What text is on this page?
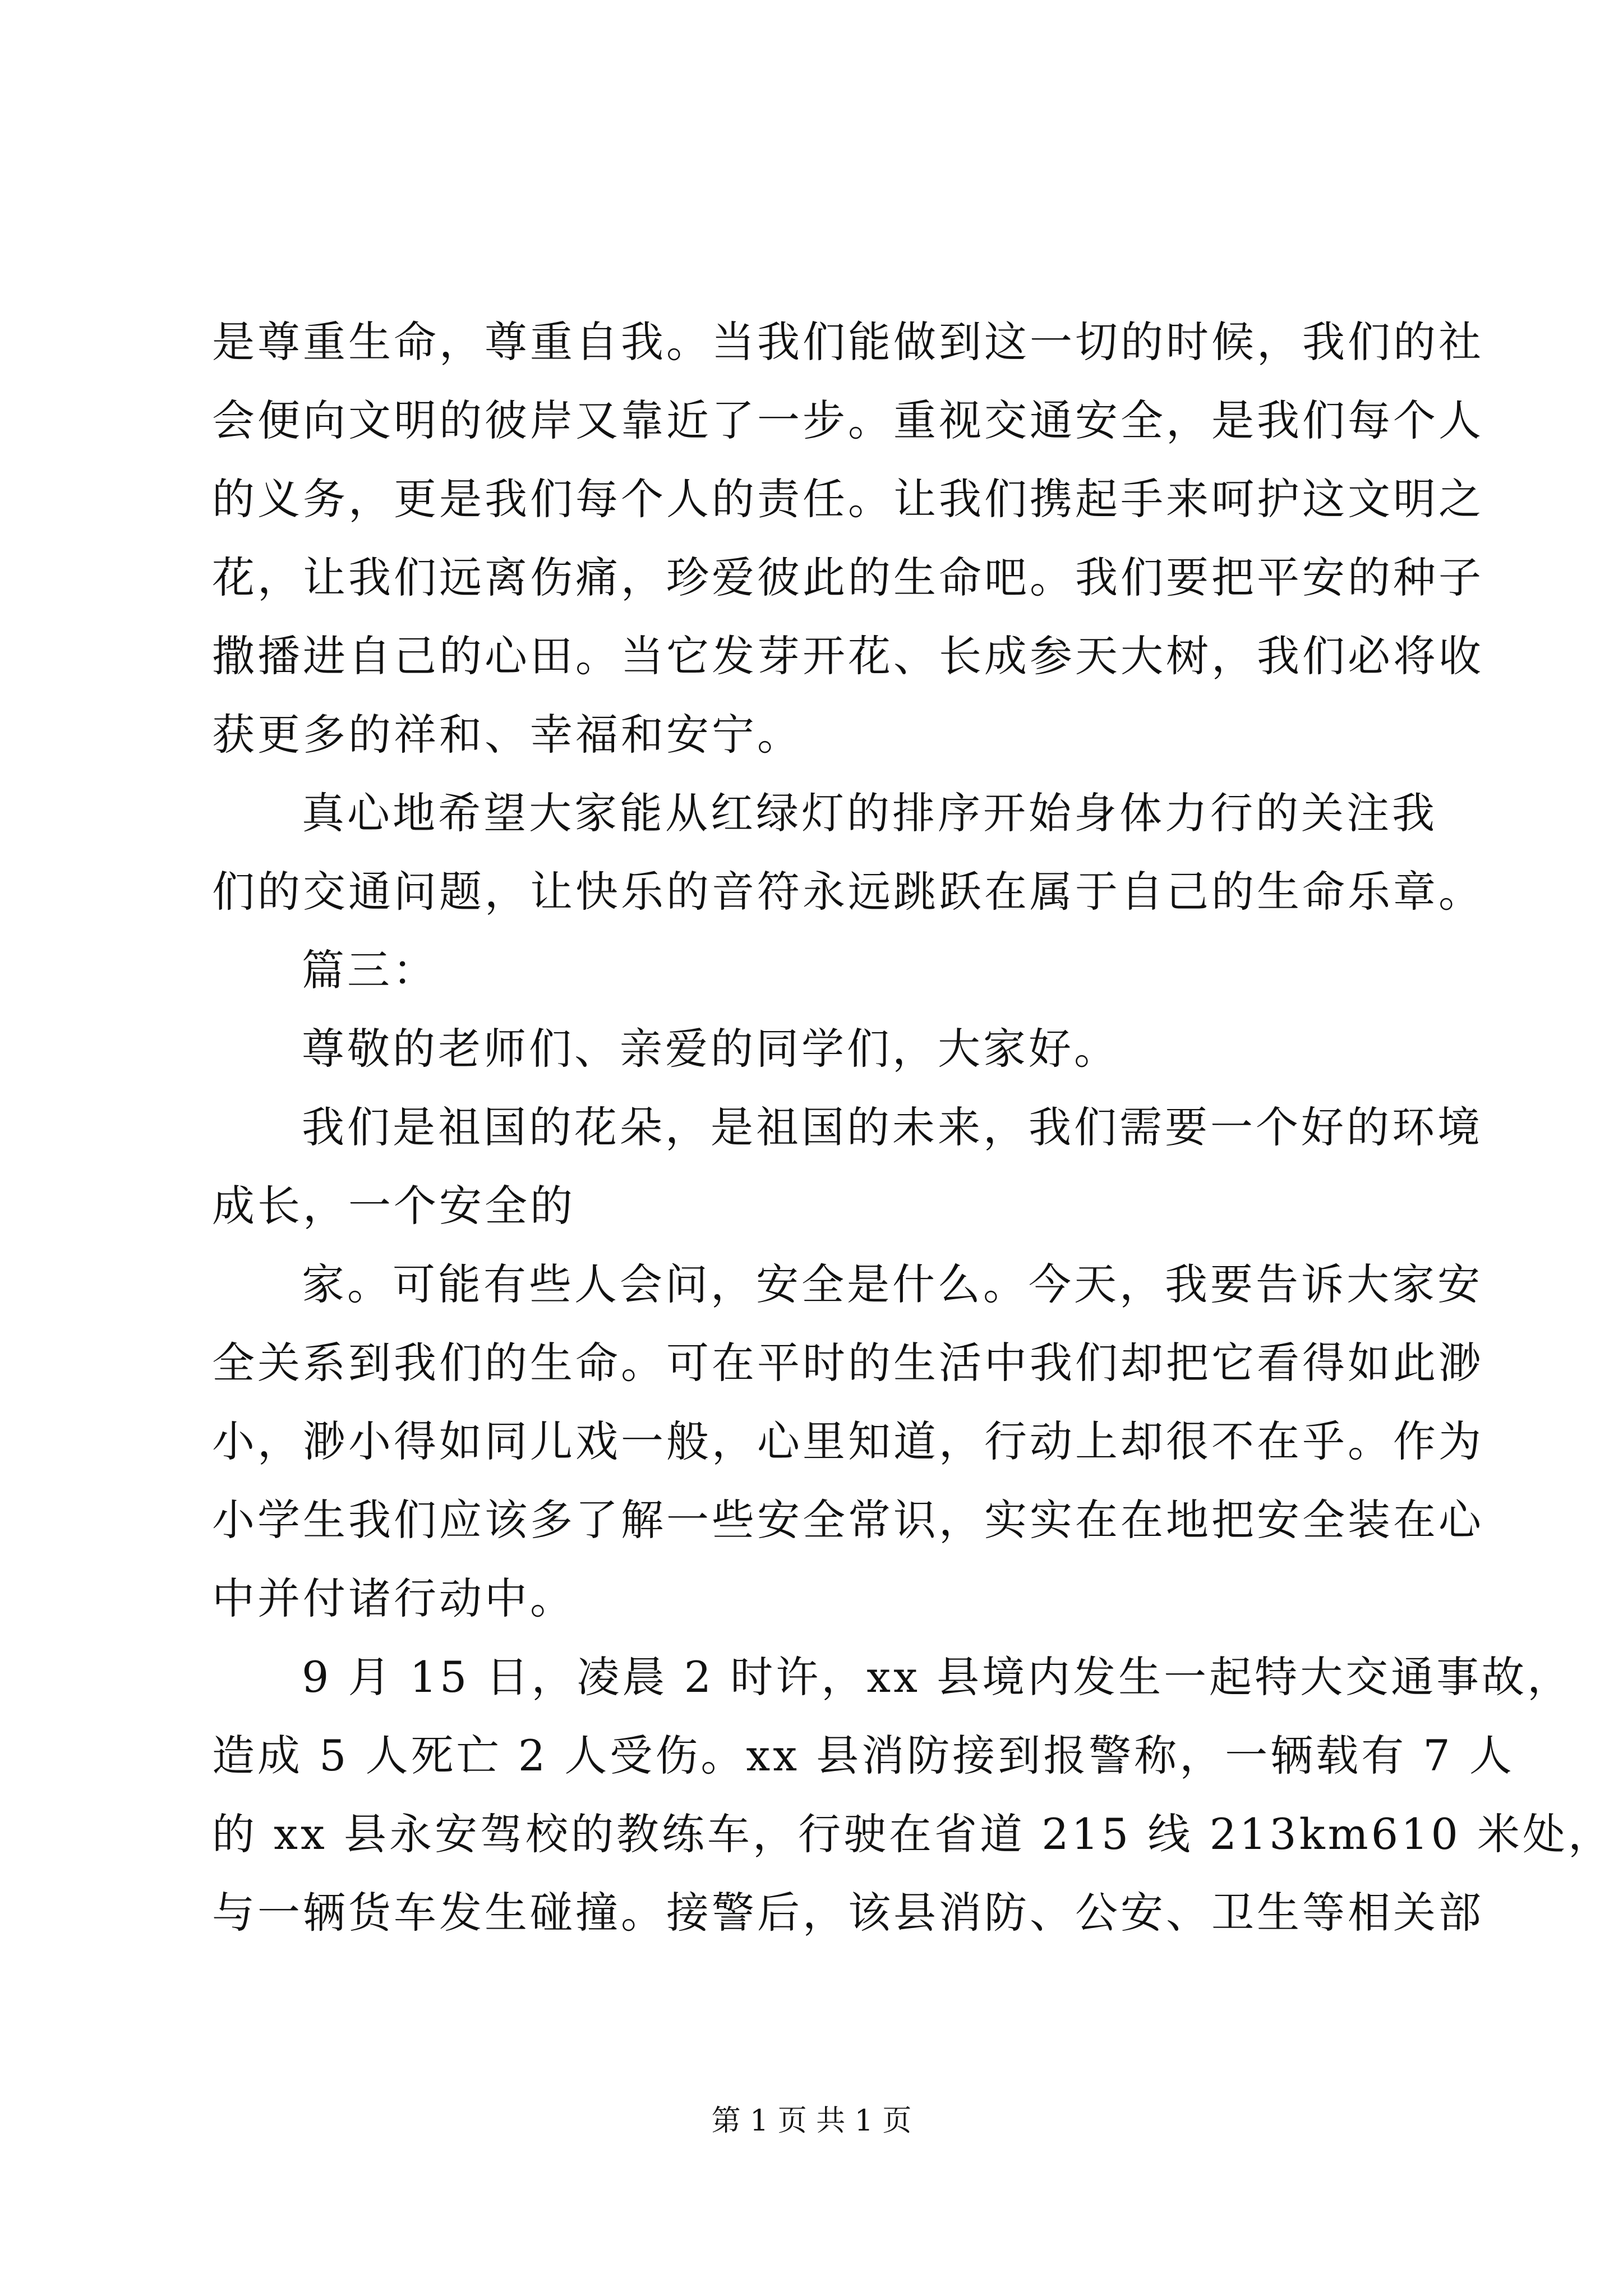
是尊重生命，尊重自我。当我们能做到这一切的时候，我们的社
会便向文明的彼岸又靠近了一步。重视交通安全，是我们每个人
的义务，更是我们每个人的责任。让我们携起手来呵护这文明之
花，让我们远离伤痛，珍爱彼此的生命吧。我们要把平安的种子
撒播进自己的心田。当它发芽开花、长成参天大树，我们必将收
获更多的祥和、幸福和安宁。
真心地希望大家能从红绿灯的排序开始身体力行的关注我
们的交通问题，让快乐的音符永远跳跃在属于自己的生命乐章。
篇三：
尊敬的老师们、亲爱的同学们，大家好。
我们是祖国的花朵，是祖国的未来，我们需要一个好的环境
成长，一个安全的
家。可能有些人会问，安全是什么。今天，我要告诉大家安
全关系到我们的生命。可在平时的生活中我们却把它看得如此渺
小，渺小得如同儿戏一般，心里知道，行动上却很不在乎。作为
小学生我们应该多了解一些安全常识，实实在在地把安全装在心
中并付诸行动中。
9 月 15 日，凌晨 2 时许，xx 县境内发生一起特大交通事故，
造成 5 人死亡 2 人受伤。xx 县消防接到报警称，一辆载有 7 人
的 xx 县永安驾校的教练车，行驶在省道 215 线 213km610 米处，
与一辆货车发生碰撞。接警后，该县消防、公安、卫生等相关部
第 1 页 共 1 页
